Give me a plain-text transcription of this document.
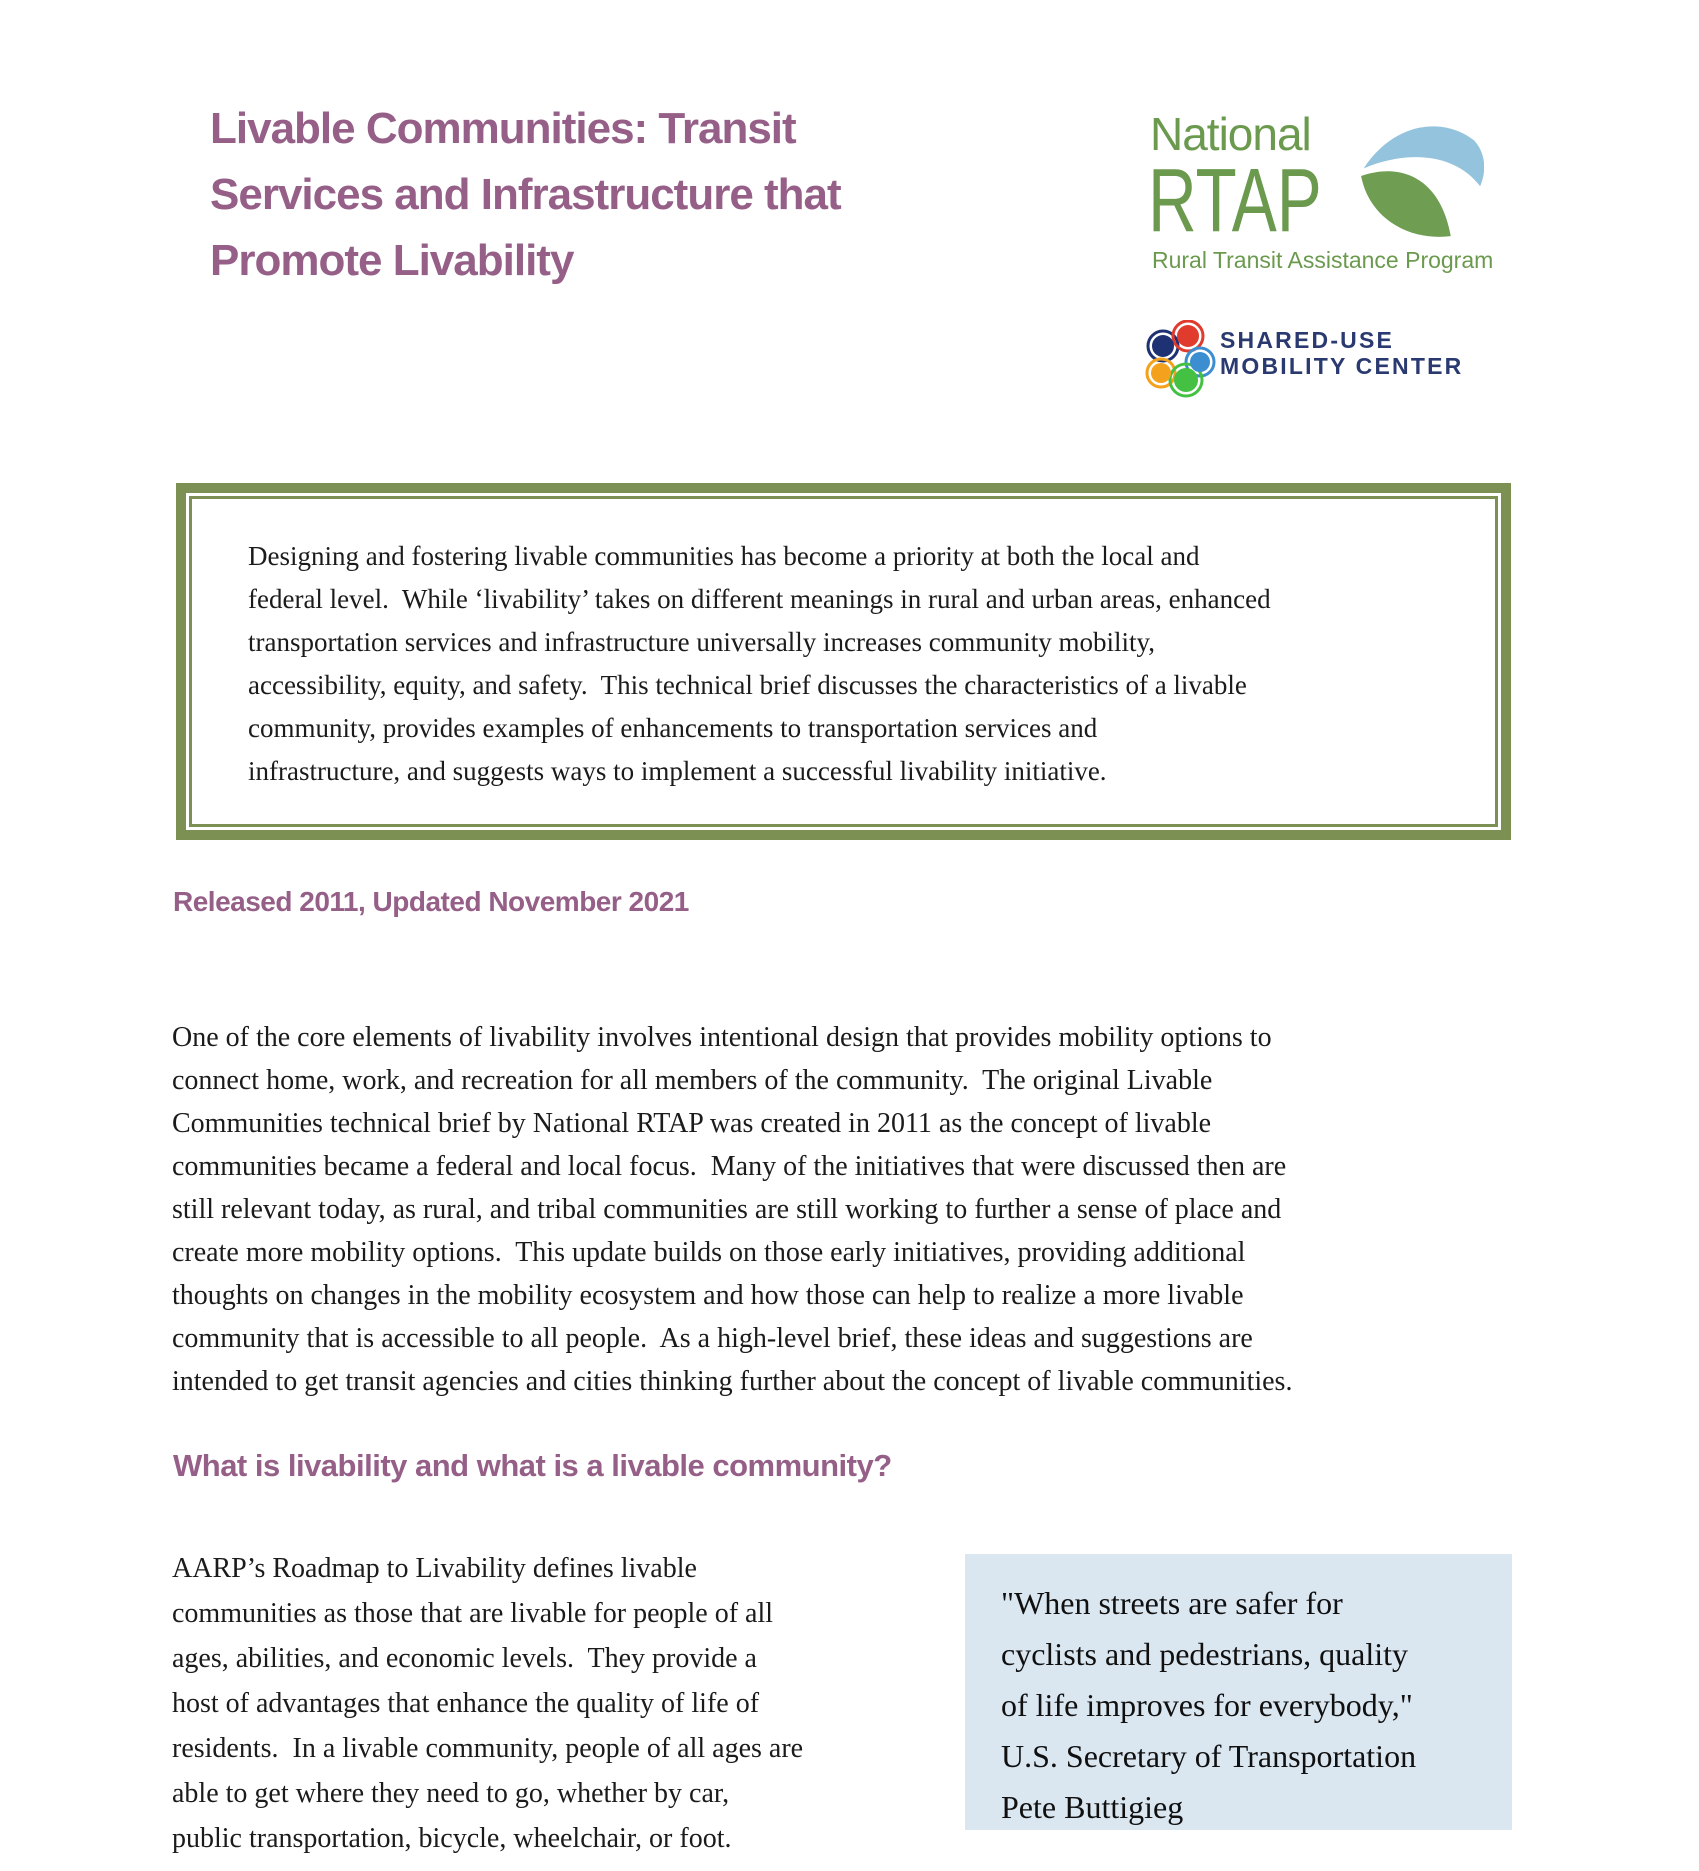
Livable Communities: Transit
Services and Infrastructure that
Promote Livability
National
RTAP
Rural Transit Assistance Program
SHARED-USE
MOBILITY CENTER
Designing and fostering livable communities has become a priority at both the local and
federal level.  While ‘livability’ takes on different meanings in rural and urban areas, enhanced
transportation services and infrastructure universally increases community mobility,
accessibility, equity, and safety.  This technical brief discusses the characteristics of a livable
community, provides examples of enhancements to transportation services and
infrastructure, and suggests ways to implement a successful livability initiative.
Released 2011, Updated November 2021
One of the core elements of livability involves intentional design that provides mobility options to
connect home, work, and recreation for all members of the community.  The original Livable
Communities technical brief by National RTAP was created in 2011 as the concept of livable
communities became a federal and local focus.  Many of the initiatives that were discussed then are
still relevant today, as rural, and tribal communities are still working to further a sense of place and
create more mobility options.  This update builds on those early initiatives, providing additional
thoughts on changes in the mobility ecosystem and how those can help to realize a more livable
community that is accessible to all people.  As a high-level brief, these ideas and suggestions are
intended to get transit agencies and cities thinking further about the concept of livable communities.
What is livability and what is a livable community?
AARP’s Roadmap to Livability defines livable
communities as those that are livable for people of all
ages, abilities, and economic levels.  They provide a
host of advantages that enhance the quality of life of
residents.  In a livable community, people of all ages are
able to get where they need to go, whether by car,
public transportation, bicycle, wheelchair, or foot.
"When streets are safer for
cyclists and pedestrians, quality
of life improves for everybody,"
U.S. Secretary of Transportation
Pete Buttigieg
